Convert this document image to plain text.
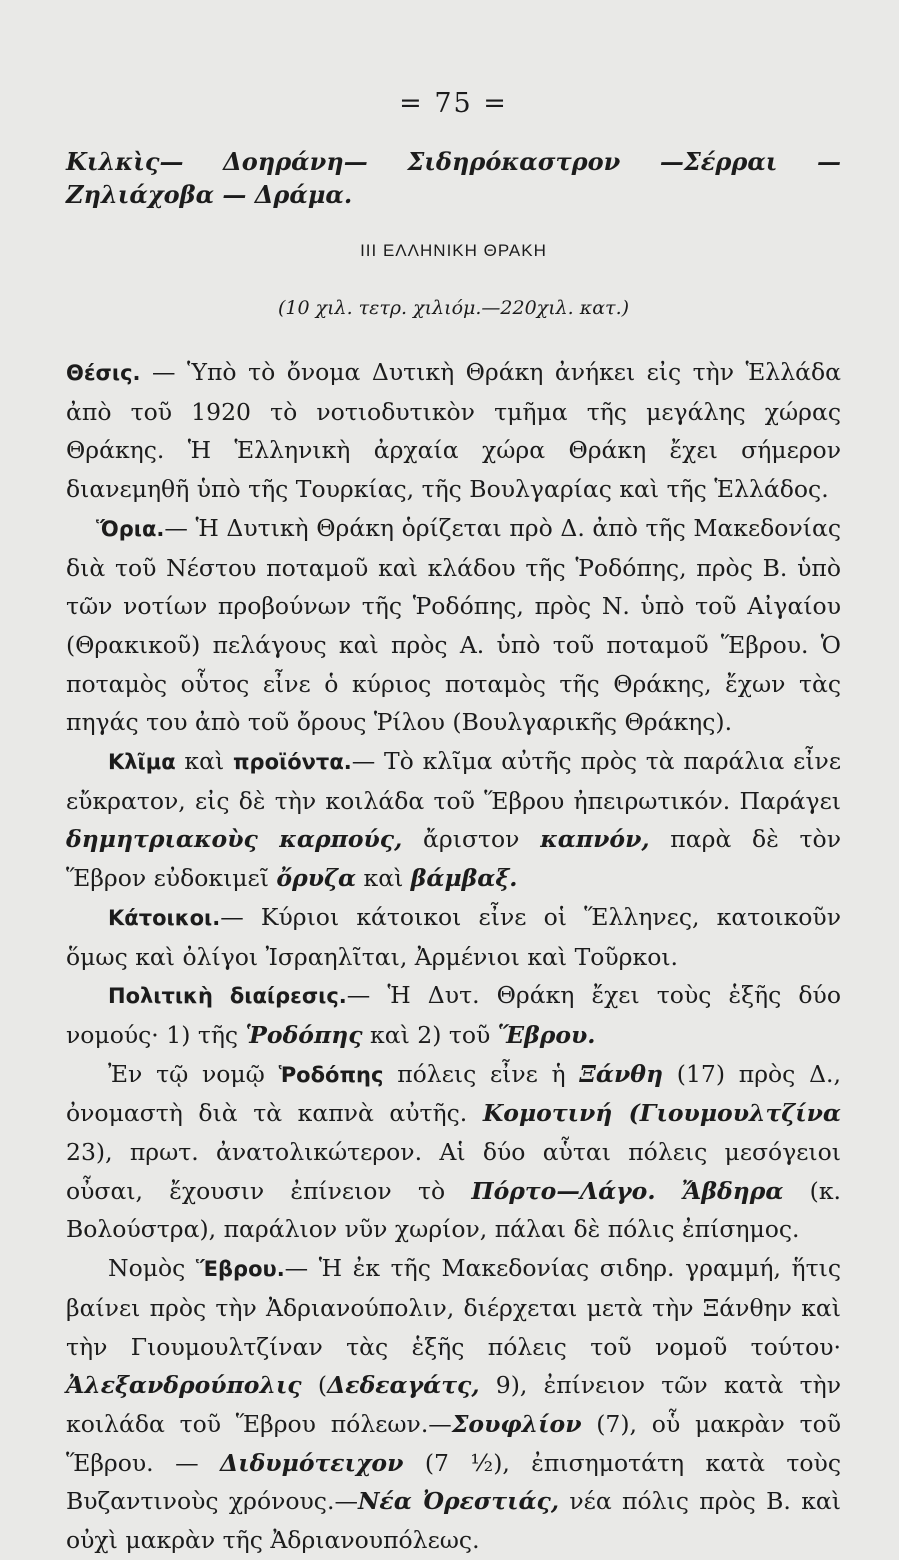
= 75 =
Κιλκὶς— Δοηράνη— Σιδηρόκαστρον —Σέρραι —Ζηλιάχοβα — Δράμα.
III ΕΛΛΗΝΙΚΗ ΘΡΑΚΗ
(10 χιλ. τετρ. χιλιόμ.—220χιλ. κατ.)

Θέσις. — Ὑπὸ τὸ ὄνομα Δυτικὴ Θράκη ἀνήκει εἰς τὴν Ἑλλάδα ἀπὸ τοῦ 1920 τὸ νοτιοδυτικὸν τμῆμα τῆς μεγάλης χώρας Θράκης. Ἡ Ἑλληνικὴ ἀρχαία χώρα Θράκη ἔχει σήμερον διανεμηθῆ ὑπὸ τῆς Τουρκίας, τῆς Βουλγαρίας καὶ τῆς Ἑλλάδος.

Ὅρια.— Ἡ Δυτικὴ Θράκη ὁρίζεται πρὸ Δ. ἀπὸ τῆς Μακεδονίας διὰ τοῦ Νέστου ποταμοῦ καὶ κλάδου τῆς Ῥοδόπης, πρὸς Β. ὑπὸ τῶν νοτίων προβούνων τῆς Ῥοδόπης, πρὸς Ν. ὑπὸ τοῦ Αἰγαίου (Θρακικοῦ) πελάγους καὶ πρὸς Α. ὑπὸ τοῦ ποταμοῦ Ἕβρου. Ὁ ποταμὸς οὗτος εἶνε ὁ κύριος ποταμὸς τῆς Θράκης, ἔχων τὰς πηγάς του ἀπὸ τοῦ ὄρους Ῥίλου (Βουλγαρικῆς Θράκης).

Κλῖμα καὶ προϊόντα.— Τὸ κλῖμα αὐτῆς πρὸς τὰ παράλια εἶνε εὔκρατον, εἰς δὲ τὴν κοιλάδα τοῦ Ἕβρου ἠπειρωτικόν. Παράγει δημητριακοὺς καρπούς, ἄριστον καπνόν, παρὰ δὲ τὸν Ἕβρον εὐδοκιμεῖ ὄρυζα καὶ βάμβαξ.

Κάτοικοι.— Κύριοι κάτοικοι εἶνε οἱ Ἕλληνες, κατοικοῦν ὅμως καὶ ὀλίγοι Ἰσραηλῖται, Ἀρμένιοι καὶ Τοῦρκοι.

Πολιτικὴ διαίρεσις.— Ἡ Δυτ. Θράκη ἔχει τοὺς ἑξῆς δύο νομούς· 1) τῆς Ῥοδόπης καὶ 2) τοῦ Ἕβρου.

Ἐν τῷ νομῷ Ῥοδόπης πόλεις εἶνε ἡ Ξάνθη (17) πρὸς Δ., ὀνομαστὴ διὰ τὰ καπνὰ αὐτῆς. Κομοτινή (Γιουμουλτζίνα 23), πρωτ. ἀνατολικώτερον. Αἱ δύο αὗται πόλεις μεσόγειοι οὖσαι, ἔχουσιν ἐπίνειον τὸ Πόρτο—Λάγο. Ἄβδηρα (κ. Βολούστρα), παράλιον νῦν χωρίον, πάλαι δὲ πόλις ἐπίσημος.

Νομὸς Ἕβρου.— Ἡ ἐκ τῆς Μακεδονίας σιδηρ. γραμμή, ἥτις βαίνει πρὸς τὴν Ἀδριανούπολιν, διέρχεται μετὰ τὴν Ξάνθην καὶ τὴν Γιουμουλτζίναν τὰς ἑξῆς πόλεις τοῦ νομοῦ τούτου· Ἀλεξανδρούπολις (Δεδεαγάτς, 9), ἐπίνειον τῶν κατὰ τὴν κοιλάδα τοῦ Ἕβρου πόλεων.—Σουφλίον (7), οὗ μακρὰν τοῦ Ἕβρου. — Διδυμότειχον (7 ½), ἐπισημοτάτη κατὰ τοὺς Βυζαντινοὺς χρόνους.—Νέα Ὀρεστιάς, νέα πόλις πρὸς Β. καὶ οὐχὶ μακρὰν τῆς Ἀδριανουπόλεως.
